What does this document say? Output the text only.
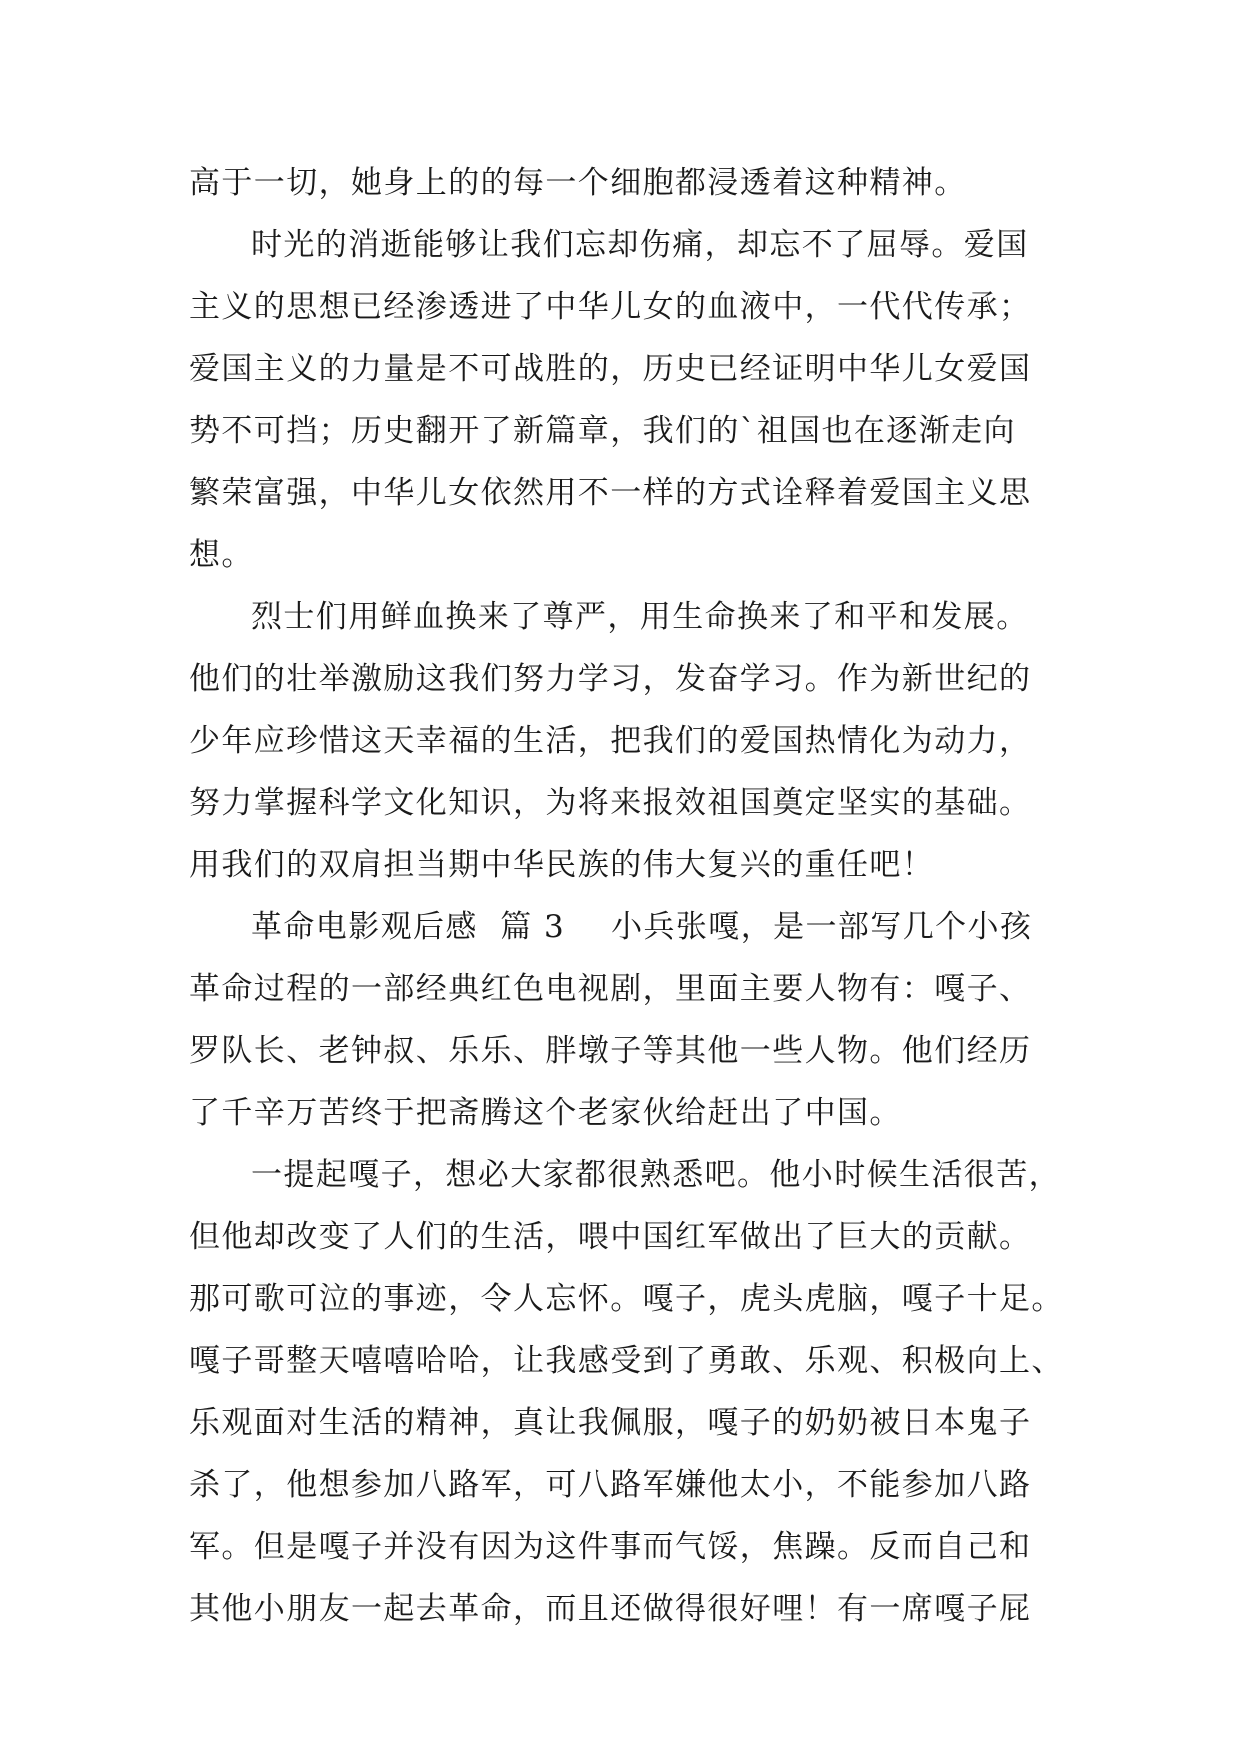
高于一切，她身上的的每一个细胞都浸透着这种精神。
时光的消逝能够让我们忘却伤痛，却忘不了屈辱。爱国
主义的思想已经渗透进了中华儿女的血液中，一代代传承；
爱国主义的力量是不可战胜的，历史已经证明中华儿女爱国
势不可挡；历史翻开了新篇章，我们的`祖国也在逐渐走向
繁荣富强，中华儿女依然用不一样的方式诠释着爱国主义思
想。
烈士们用鲜血换来了尊严，用生命换来了和平和发展。
他们的壮举激励这我们努力学习，发奋学习。作为新世纪的
少年应珍惜这天幸福的生活，把我们的爱国热情化为动力，
努力掌握科学文化知识，为将来报效祖国奠定坚实的基础。
用我们的双肩担当期中华民族的伟大复兴的重任吧！
革命电影观后感  篇 3 小兵张嘎，是一部写几个小孩
革命过程的一部经典红色电视剧，里面主要人物有：嘎子、
罗队长、老钟叔、乐乐、胖墩子等其他一些人物。他们经历
了千辛万苦终于把斋腾这个老家伙给赶出了中国。
一提起嘎子，想必大家都很熟悉吧。他小时候生活很苦，
但他却改变了人们的生活，喂中国红军做出了巨大的贡献。
那可歌可泣的事迹，令人忘怀。嘎子，虎头虎脑，嘎子十足。
嘎子哥整天嘻嘻哈哈，让我感受到了勇敢、乐观、积极向上、
乐观面对生活的精神，真让我佩服，嘎子的奶奶被日本鬼子
杀了，他想参加八路军，可八路军嫌他太小，不能参加八路
军。但是嘎子并没有因为这件事而气馁，焦躁。反而自己和
其他小朋友一起去革命，而且还做得很好哩！有一席嘎子屁
